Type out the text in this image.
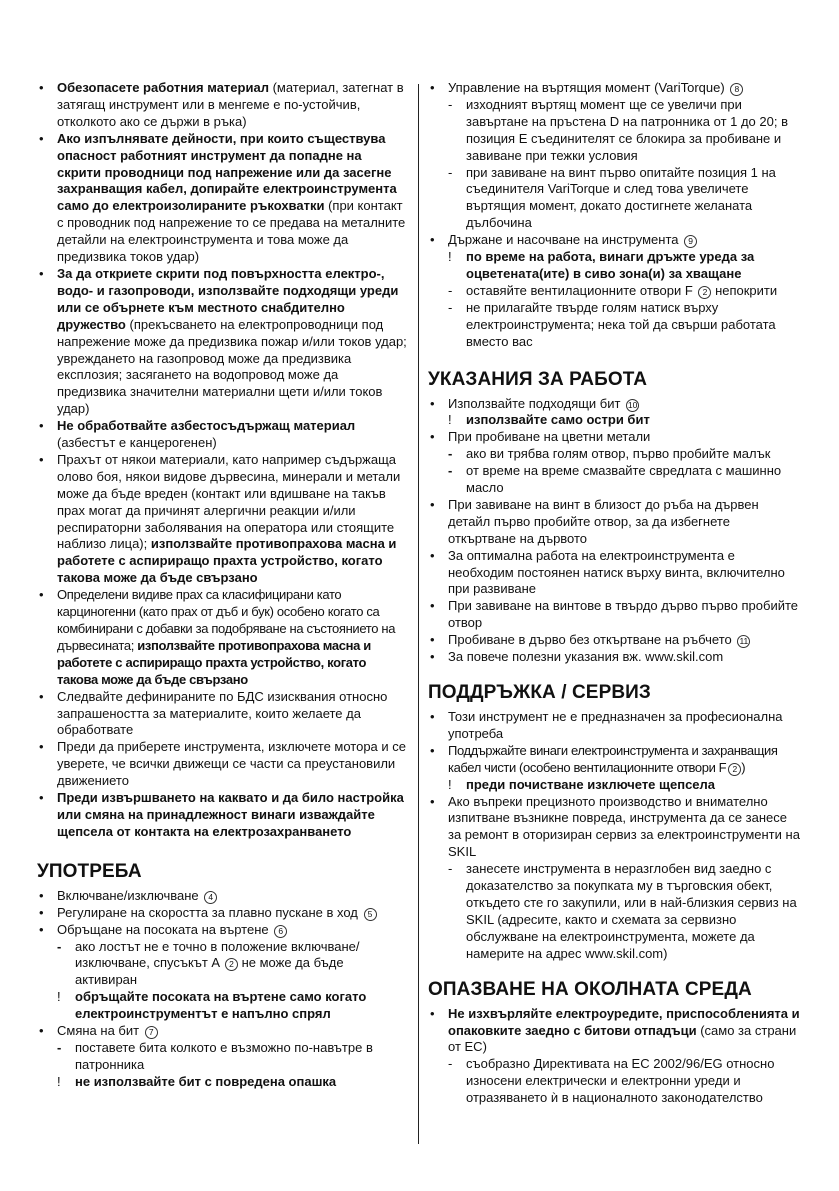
• Обезопасете работния материал (материал, затегнат в затягащ инструмент или в менгеме е по-устойчив, отколкото ако се държи в ръка)
• Ако изпълнявате дейности, при които съществува опасност работният инструмент да попадне на скрити проводници под напрежение или да засегне захранващия кабел, допирайте електроинструмента само до електроизолираните ръкохватки (при контакт с проводник под напрежение то се предава на металните детайли на електроинструмента и това може да предизвика токов удар)
• За да откриете скрити под повърхността електро-, водо- и газопроводи, използвайте подходящи уреди или се обърнете към местното снабдително дружество (прекъсването на електропроводници под напрежение може да предизвика пожар и/или токов удар; увреждането на газопровод може да предизвика експлозия; засягането на водопровод може да предизвика значителни материални щети и/или токов удар)
• Не обработвайте азбестосъдържащ материал (азбестът е канцерогенен)
• Прахът от някои материали, като например съдържаща олово боя, някои видове дървесина, минерали и метали може да бъде вреден (контакт или вдишване на такъв прах могат да причинят алергични реакции и/или респираторни заболявания на оператора или стоящите наблизо лица); използвайте противопрахова масна и работете с аспириращо прахта устройство, когато такова може да бъде свързано
• Определени видиве прах са класифицирани като карциногенни (като прах от дъб и бук) особено когато са комбинирани с добавки за подобряване на състоянието на дървесината; използвайте противопрахова масна и работете с аспириращо прахта устройство, когато такова може да бъде свързано
• Следвайте дефинираните по БДС изисквания относно запрашеността за материалите, които желаете да обработвате
• Преди да приберете инструмента, изключете мотора и се уверете, че всички движещи се части са преустановили движението
• Преди извършването на каквато и да било настройка или смяна на принадлежност винаги изваждайте щепсела от контакта на електрозахранването
УПОТРЕБА
• Включване/изключване 4
• Регулиране на скоростта за плавно пускане в ход 5
• Обръщане на посоката на въртене 6
- ако лостът не е точно в положение включване/ изключване, спусъкът A 2 не може да бъде активиран
! обръщайте посоката на въртене само когато електроинструментът е напълно спрял
• Смяна на бит 7
- поставете бита колкото е възможно по-навътре в патронника
! не използвайте бит с повредена опашка
• Управление на въртящия момент (VariTorque) 8
- изходният въртящ момент ще се увеличи при завъртане на пръстена D на патронника от 1 до 20; в позиция E съединителят се блокира за пробиване и завиване при тежки условия
- при завиване на винт първо опитайте позиция 1 на съединителя VariTorque и след това увеличете въртящия момент, докато достигнете желаната дълбочина
• Държане и насочване на инструмента 9
! по време на работа, винаги дръжте уреда за оцветената(ите) в сиво зона(и) за хващане
- оставяйте вентилационните отвори F 2 непокрити
- не прилагайте твърде голям натиск върху електроинструмента; нека той да свърши работата вместо вас
УКАЗАНИЯ ЗА РАБОТА
• Използвайте подходящи бит 10
! използвайте само остри бит
• При пробиване на цветни метали
- ако ви трябва голям отвор, първо пробийте малък
- от време на време смазвайте свредлата с машинно масло
• При завиване на винт в близост до ръба на дървен детайл първо пробийте отвор, за да избегнете откъртване на дървото
• За оптимална работа на електроинструмента е необходим постоянен натиск върху винта, включително при развиване
• При завиване на винтове в твърдо дърво първо пробийте отвор
• Пробиване в дърво без откъртване на ръбчето 11
• За повече полезни указания вж. www.skil.com
ПОДДРЪЖКА / СЕРВИЗ
• Този инструмент не е предназначен за професионална употреба
• Поддържайте винаги електроинструмента и захранващия кабел чисти (особено вентилационните отвори F 2 )
! преди почистване изключете щепсела
• Ако въпреки прецизното производство и внимателно изпитване възникне повреда, инструмента да се занесе за ремонт в оторизиран сервиз за електроинструменти на SKIL
- занесете инструмента в неразглобен вид заедно с доказателство за покупката му в търговския обект, откъдето сте го закупили, или в най-близкия сервиз на SKIL (адресите, както и схемата за сервизно обслужване на електроинструмента, можете да намерите на адрес www.skil.com)
ОПАЗВАНЕ НА ОКОЛНАТА СРЕДА
• Не изхвърляйте електроуредите, приспособленията и опаковките заедно с битови отпадъци (само за страни от ЕС)
- съобразно Директивата на ЕС 2002/96/EG относно износени електрически и електронни уреди и отразяването ѝ в националното законодателство
